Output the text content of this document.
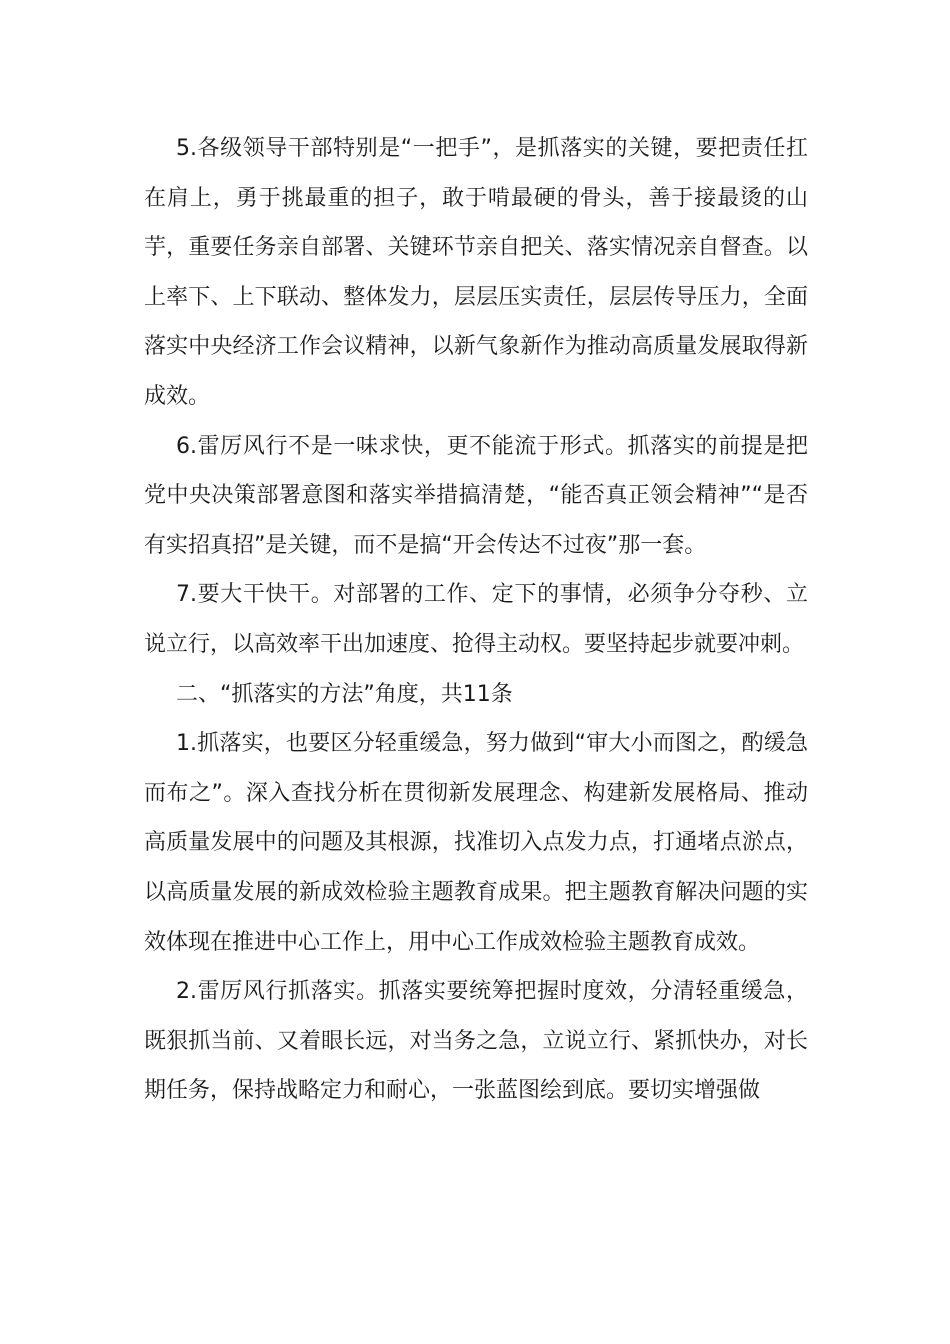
5.各级领导干部特别是“一把手”，是抓落实的关键，要把责任扛在肩上，勇于挑最重的担子，敢于啃最硬的骨头，善于接最烫的山芋，重要任务亲自部署、关键环节亲自把关、落实情况亲自督查。以上率下、上下联动、整体发力，层层压实责任，层层传导压力，全面落实中央经济工作会议精神，以新气象新作为推动高质量发展取得新成效。

6.雷厉风行不是一味求快，更不能流于形式。抓落实的前提是把党中央决策部署意图和落实举措搞清楚，“能否真正领会精神”“是否有实招真招”是关键，而不是搞“开会传达不过夜”那一套。

7.要大干快干。对部署的工作、定下的事情，必须争分夺秒、立说立行，以高效率干出加速度、抢得主动权。要坚持起步就要冲刺。

二、“抓落实的方法”角度，共11条

1.抓落实，也要区分轻重缓急，努力做到“审大小而图之，酌缓急而布之”。深入查找分析在贯彻新发展理念、构建新发展格局、推动高质量发展中的问题及其根源，找准切入点发力点，打通堵点淤点，以高质量发展的新成效检验主题教育成果。把主题教育解决问题的实效体现在推进中心工作上，用中心工作成效检验主题教育成效。

2.雷厉风行抓落实。抓落实要统筹把握时度效，分清轻重缓急，既狠抓当前、又着眼长远，对当务之急，立说立行、紧抓快办，对长期任务，保持战略定力和耐心，一张蓝图绘到底。要切实增强做
